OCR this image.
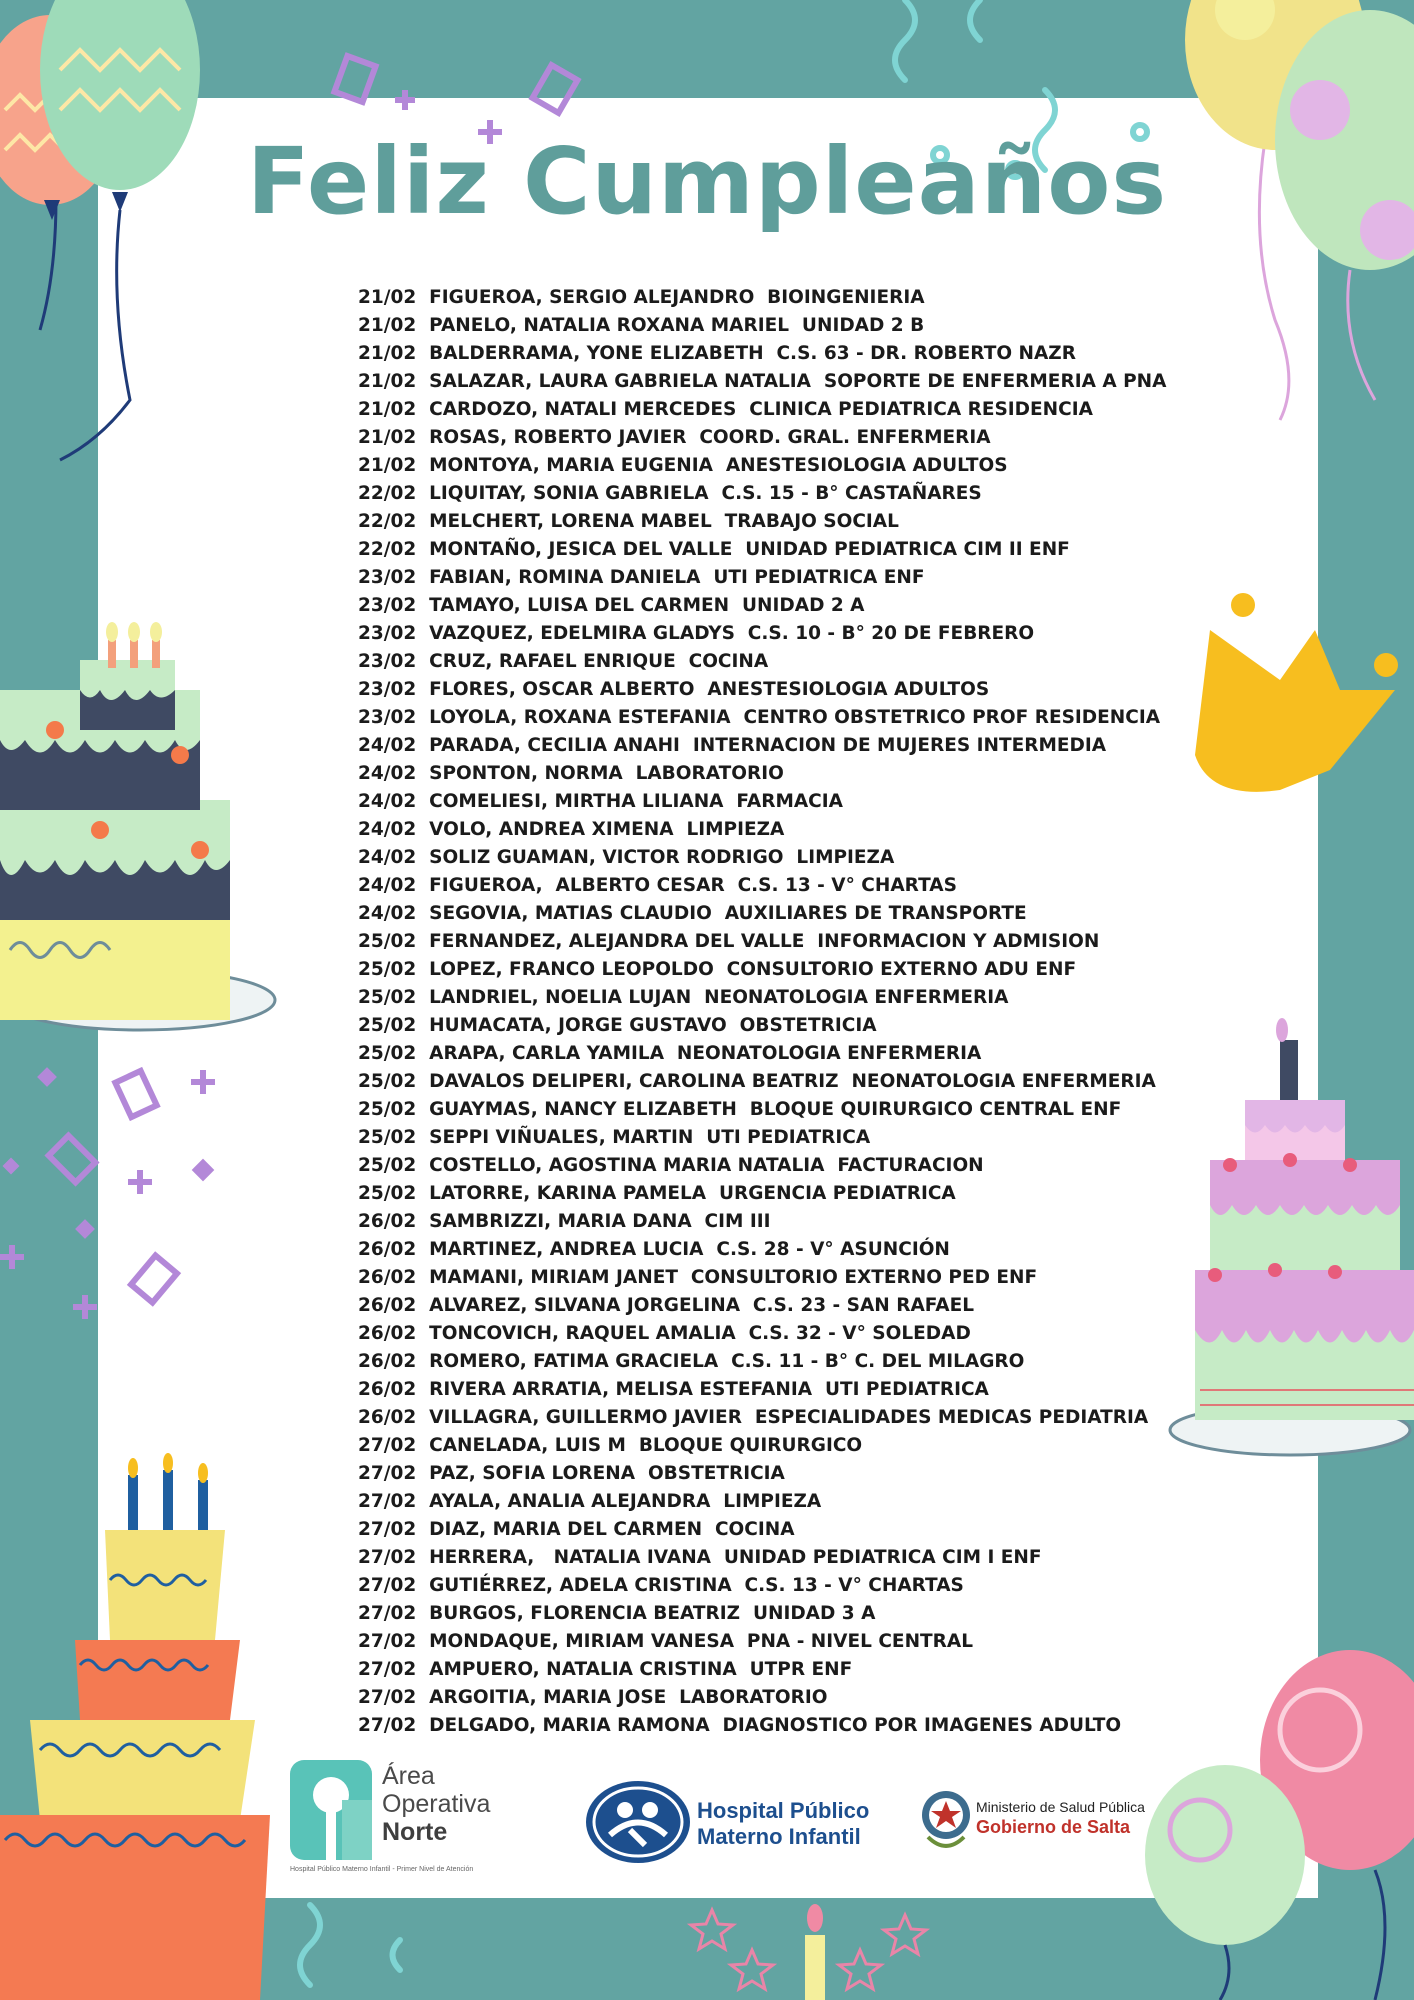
Feliz Cumpleaños
21/02  FIGUEROA, SERGIO ALEJANDRO  BIOINGENIERIA
21/02  PANELO, NATALIA ROXANA MARIEL  UNIDAD 2 B
21/02  BALDERRAMA, YONE ELIZABETH  C.S. 63 - DR. ROBERTO NAZR
21/02  SALAZAR, LAURA GABRIELA NATALIA  SOPORTE DE ENFERMERIA A PNA
21/02  CARDOZO, NATALI MERCEDES  CLINICA PEDIATRICA RESIDENCIA
21/02  ROSAS, ROBERTO JAVIER  COORD. GRAL. ENFERMERIA
21/02  MONTOYA, MARIA EUGENIA  ANESTESIOLOGIA ADULTOS
22/02  LIQUITAY, SONIA GABRIELA  C.S. 15 - B° CASTAÑARES
22/02  MELCHERT, LORENA MABEL  TRABAJO SOCIAL
22/02  MONTAÑO, JESICA DEL VALLE  UNIDAD PEDIATRICA CIM II ENF
23/02  FABIAN, ROMINA DANIELA  UTI PEDIATRICA ENF
23/02  TAMAYO, LUISA DEL CARMEN  UNIDAD 2 A
23/02  VAZQUEZ, EDELMIRA GLADYS  C.S. 10 - B° 20 DE FEBRERO
23/02  CRUZ, RAFAEL ENRIQUE  COCINA
23/02  FLORES, OSCAR ALBERTO  ANESTESIOLOGIA ADULTOS
23/02  LOYOLA, ROXANA ESTEFANIA  CENTRO OBSTETRICO PROF RESIDENCIA
24/02  PARADA, CECILIA ANAHI  INTERNACION DE MUJERES INTERMEDIA
24/02  SPONTON, NORMA  LABORATORIO
24/02  COMELIESI, MIRTHA LILIANA  FARMACIA
24/02  VOLO, ANDREA XIMENA  LIMPIEZA
24/02  SOLIZ GUAMAN, VICTOR RODRIGO  LIMPIEZA
24/02  FIGUEROA,  ALBERTO CESAR  C.S. 13 - V° CHARTAS
24/02  SEGOVIA, MATIAS CLAUDIO  AUXILIARES DE TRANSPORTE
25/02  FERNANDEZ, ALEJANDRA DEL VALLE  INFORMACION Y ADMISION
25/02  LOPEZ, FRANCO LEOPOLDO  CONSULTORIO EXTERNO ADU ENF
25/02  LANDRIEL, NOELIA LUJAN  NEONATOLOGIA ENFERMERIA
25/02  HUMACATA, JORGE GUSTAVO  OBSTETRICIA
25/02  ARAPA, CARLA YAMILA  NEONATOLOGIA ENFERMERIA
25/02  DAVALOS DELIPERI, CAROLINA BEATRIZ  NEONATOLOGIA ENFERMERIA
25/02  GUAYMAS, NANCY ELIZABETH  BLOQUE QUIRURGICO CENTRAL ENF
25/02  SEPPI VIÑUALES, MARTIN  UTI PEDIATRICA
25/02  COSTELLO, AGOSTINA MARIA NATALIA  FACTURACION
25/02  LATORRE, KARINA PAMELA  URGENCIA PEDIATRICA
26/02  SAMBRIZZI, MARIA DANA  CIM III
26/02  MARTINEZ, ANDREA LUCIA  C.S. 28 - V° ASUNCIÓN
26/02  MAMANI, MIRIAM JANET  CONSULTORIO EXTERNO PED ENF
26/02  ALVAREZ, SILVANA JORGELINA  C.S. 23 - SAN RAFAEL
26/02  TONCOVICH, RAQUEL AMALIA  C.S. 32 - V° SOLEDAD
26/02  ROMERO, FATIMA GRACIELA  C.S. 11 - B° C. DEL MILAGRO
26/02  RIVERA ARRATIA, MELISA ESTEFANIA  UTI PEDIATRICA
26/02  VILLAGRA, GUILLERMO JAVIER  ESPECIALIDADES MEDICAS PEDIATRIA
27/02  CANELADA, LUIS M  BLOQUE QUIRURGICO
27/02  PAZ, SOFIA LORENA  OBSTETRICIA
27/02  AYALA, ANALIA ALEJANDRA  LIMPIEZA
27/02  DIAZ, MARIA DEL CARMEN  COCINA
27/02  HERRERA,   NATALIA IVANA  UNIDAD PEDIATRICA CIM I ENF
27/02  GUTIÉRREZ, ADELA CRISTINA  C.S. 13 - V° CHARTAS
27/02  BURGOS, FLORENCIA BEATRIZ  UNIDAD 3 A
27/02  MONDAQUE, MIRIAM VANESA  PNA - NIVEL CENTRAL
27/02  AMPUERO, NATALIA CRISTINA  UTPR ENF
27/02  ARGOITIA, MARIA JOSE  LABORATORIO
27/02  DELGADO, MARIA RAMONA  DIAGNOSTICO POR IMAGENES ADULTO
Área
Operativa
Norte
Hospital Público Materno Infantil - Primer Nivel de Atención
Hospital Público
Materno Infantil
Ministerio de Salud Pública
Gobierno de Salta
